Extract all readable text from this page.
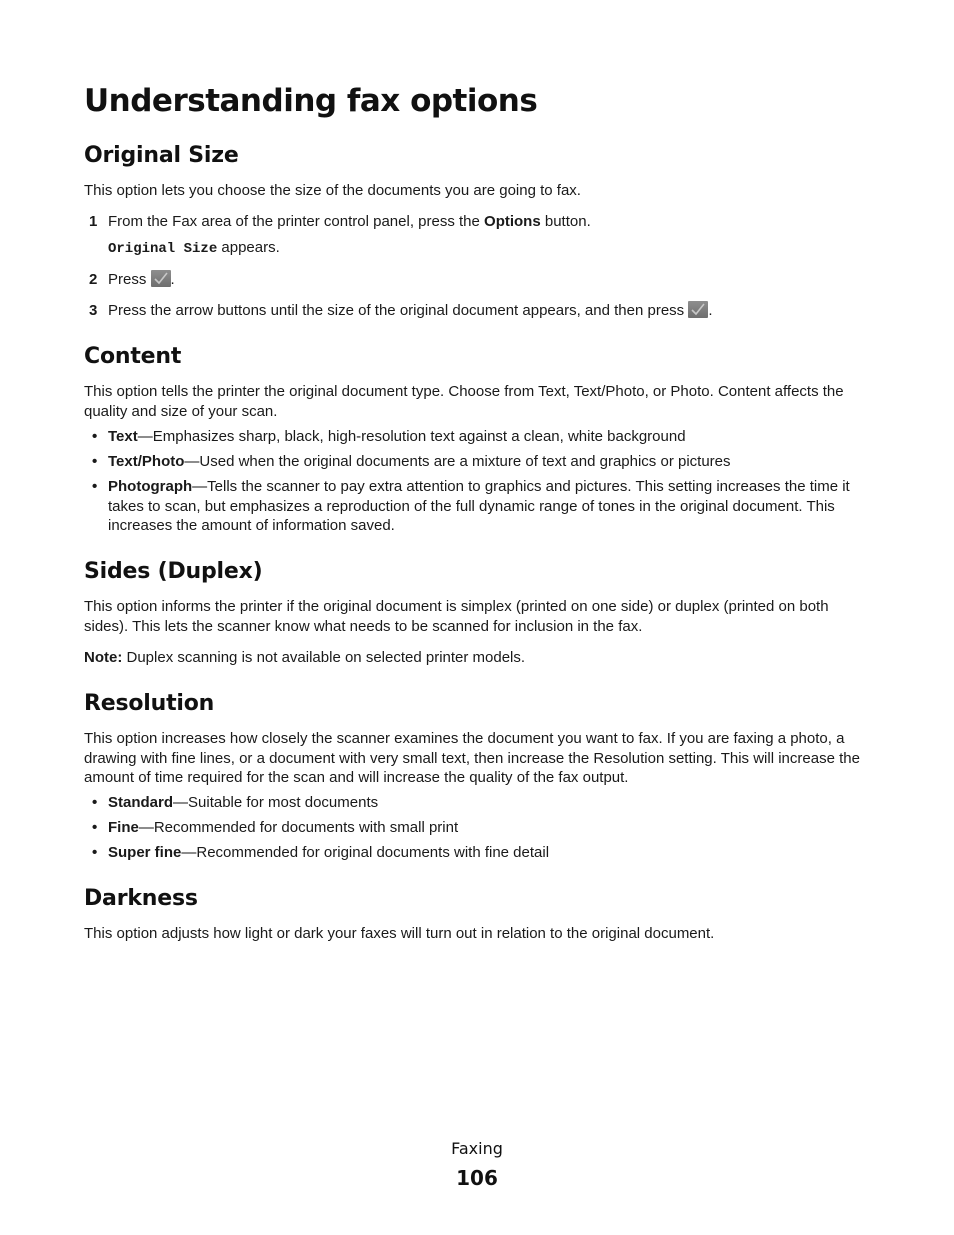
Understanding fax options
Original Size

This option lets you choose the size of the documents you are going to fax.

1 From the Fax area of the printer control panel, press the Options button.
Original Size appears.
2 Press
.
3 Press the arrow buttons until the size of the original document appears, and then press
.
Content

This option tells the printer the original document type. Choose from Text, Text/Photo, or Photo. Content affects the quality and size of your scan.

• Text—Emphasizes sharp, black, high-resolution text against a clean, white background
• Text/Photo—Used when the original documents are a mixture of text and graphics or pictures
• Photograph—Tells the scanner to pay extra attention to graphics and pictures. This setting increases the time it takes to scan, but emphasizes a reproduction of the full dynamic range of tones in the original document. This increases the amount of information saved.
Sides (Duplex)

This option informs the printer if the original document is simplex (printed on one side) or duplex (printed on both sides). This lets the scanner know what needs to be scanned for inclusion in the fax.

Note: Duplex scanning is not available on selected printer models.

Resolution

This option increases how closely the scanner examines the document you want to fax. If you are faxing a photo, a drawing with fine lines, or a document with very small text, then increase the Resolution setting. This will increase the amount of time required for the scan and will increase the quality of the fax output.

• Standard—Suitable for most documents
• Fine—Recommended for documents with small print
• Super fine—Recommended for original documents with fine detail
Darkness

This option adjusts how light or dark your faxes will turn out in relation to the original document.

Faxing
106
